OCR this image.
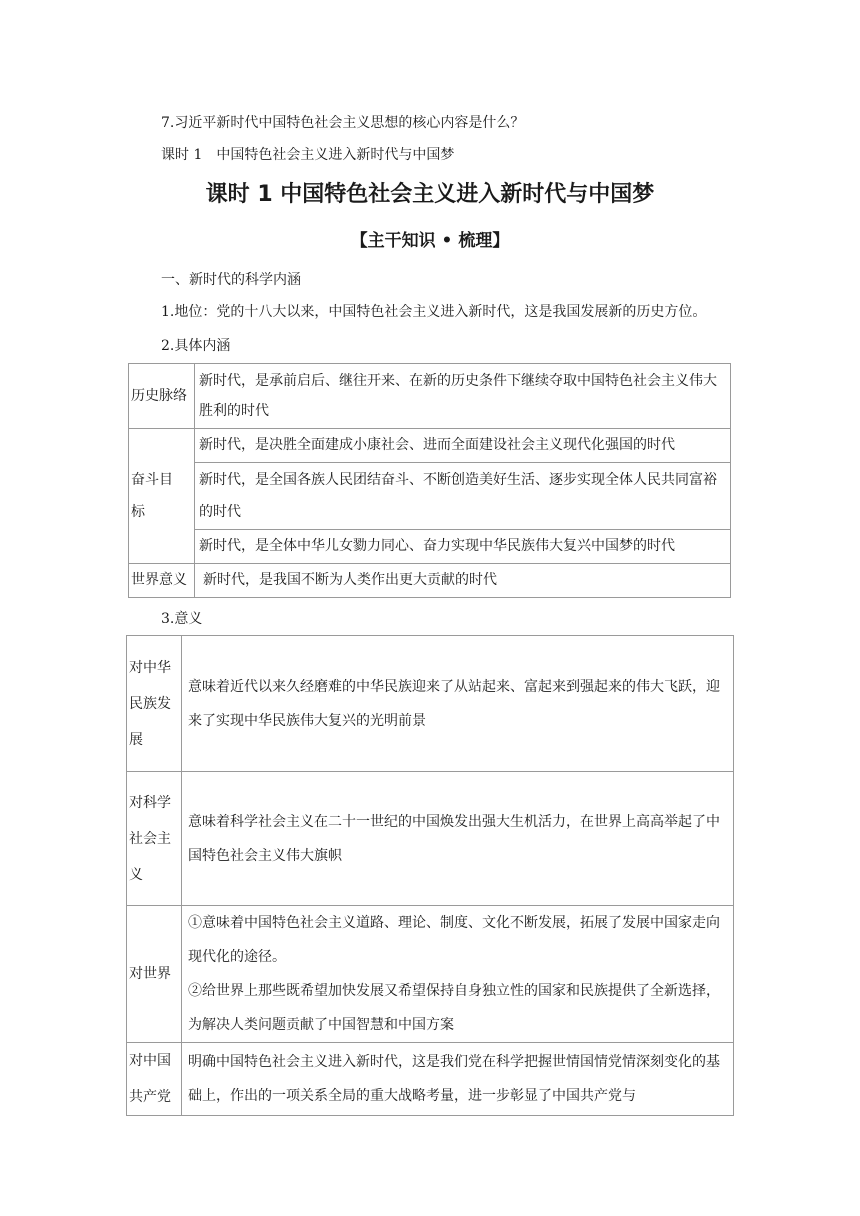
7.习近平新时代中国特色社会主义思想的核心内容是什么？
课时 1　中国特色社会主义进入新时代与中国梦
课时 1 中国特色社会主义进入新时代与中国梦
【主干知识 • 梳理】
一、新时代的科学内涵
1.地位：党的十八大以来，中国特色社会主义进入新时代，这是我国发展新的历史方位。
2.具体内涵
历史脉络	新时代，是承前启后、继往开来、在新的历史条件下继续夺取中国特色社会主义伟大胜利的时代

奋斗目标	新时代，是决胜全面建成小康社会、进而全面建设社会主义现代化强国的时代
	新时代，是全国各族人民团结奋斗、不断创造美好生活、逐步实现全体人民共同富裕的时代
	新时代，是全体中华儿女勠力同心、奋力实现中华民族伟大复兴中国梦的时代
世界意义	新时代，是我国不断为人类作出更大贡献的时代
3.意义
对中华民族发展	意味着近代以来久经磨难的中华民族迎来了从站起来、富起来到强起来的伟大飞跃，迎来了实现中华民族伟大复兴的光明前景

对科学社会主义	意味着科学社会主义在二十一世纪的中国焕发出强大生机活力，在世界上高高举起了中国特色社会主义伟大旗帜
对世界	①意味着中国特色社会主义道路、理论、制度、文化不断发展，拓展了发展中国家走向现代化的途径。
②给世界上那些既希望加快发展又希望保持自身独立性的国家和民族提供了全新选择，为解决人类问题贡献了中国智慧和中国方案

对中国共产党	明确中国特色社会主义进入新时代，这是我们党在科学把握世情国情党情深刻变化的基础上，作出的一项关系全局的重大战略考量，进一步彰显了中国共产党与
